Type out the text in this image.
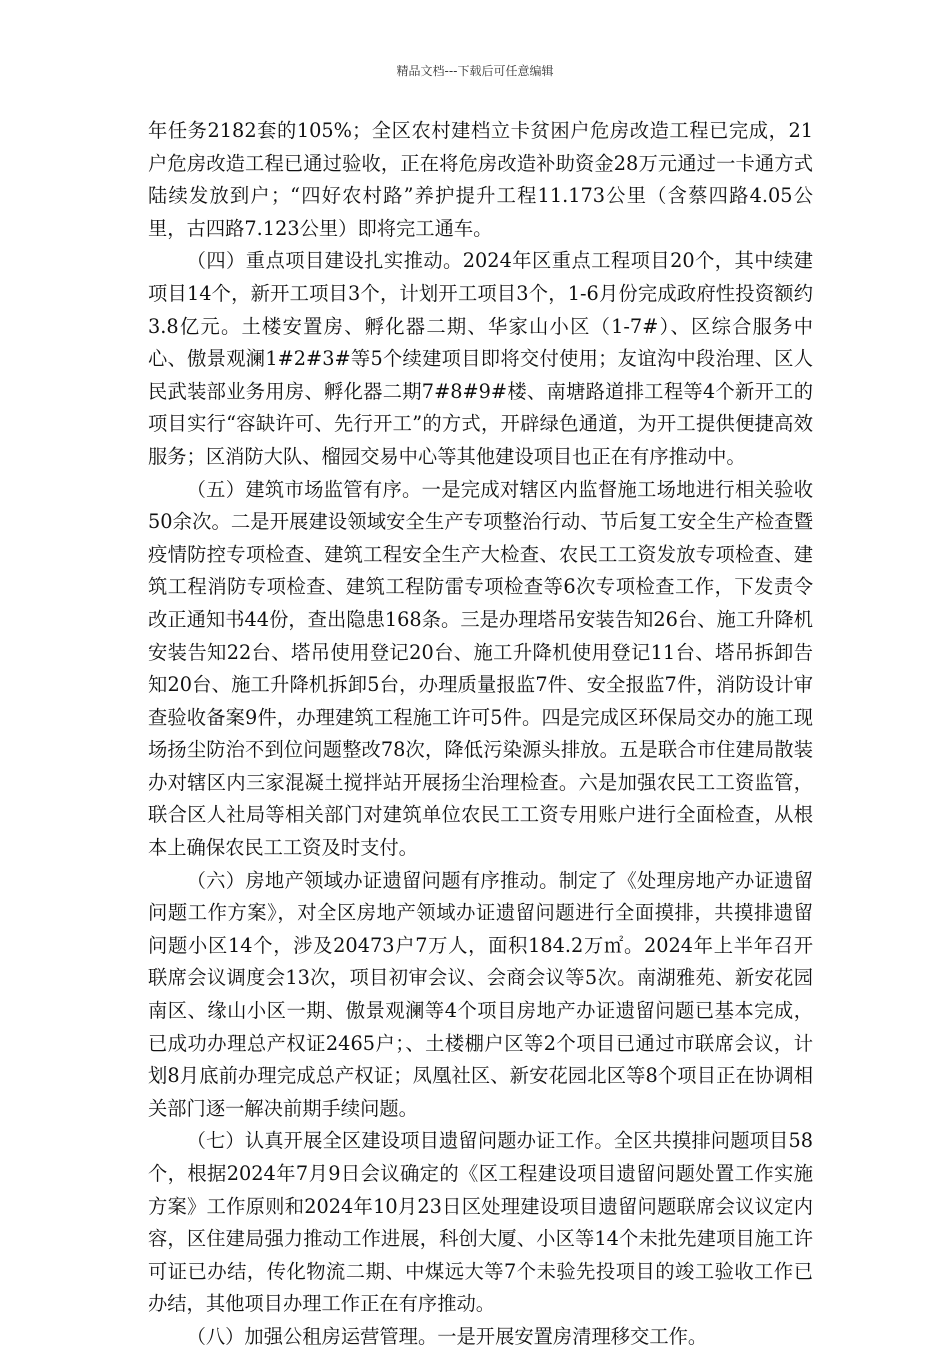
精品文档---下载后可任意编辑

年任务2182套的105%；全区农村建档立卡贫困户危房改造工程已完成，21户危房改造工程已通过验收，正在将危房改造补助资金28万元通过一卡通方式陆续发放到户；“四好农村路”养护提升工程11.173公里（含蔡四路4.05公里，古四路7.123公里）即将完工通车。

（四）重点项目建设扎实推动。2024年区重点工程项目20个，其中续建项目14个，新开工项目3个，计划开工项目3个，1-6月份完成政府性投资额约3.8亿元。土楼安置房、孵化器二期、华家山小区（1-7#）、区综合服务中心、傲景观澜1#2#3#等5个续建项目即将交付使用；友谊沟中段治理、区人民武装部业务用房、孵化器二期7#8#9#楼、南塘路道排工程等4个新开工的项目实行“容缺许可、先行开工”的方式，开辟绿色通道，为开工提供便捷高效服务；区消防大队、榴园交易中心等其他建设项目也正在有序推动中。

（五）建筑市场监管有序。一是完成对辖区内监督施工场地进行相关验收50余次。二是开展建设领域安全生产专项整治行动、节后复工安全生产检查暨疫情防控专项检查、建筑工程安全生产大检查、农民工工资发放专项检查、建筑工程消防专项检查、建筑工程防雷专项检查等6次专项检查工作，下发责令改正通知书44份，查出隐患168条。三是办理塔吊安装告知26台、施工升降机安装告知22台、塔吊使用登记20台、施工升降机使用登记11台、塔吊拆卸告知20台、施工升降机拆卸5台，办理质量报监7件、安全报监7件，消防设计审查验收备案9件，办理建筑工程施工许可5件。四是完成区环保局交办的施工现场扬尘防治不到位问题整改78次，降低污染源头排放。五是联合市住建局散装办对辖区内三家混凝土搅拌站开展扬尘治理检查。六是加强农民工工资监管，联合区人社局等相关部门对建筑单位农民工工资专用账户进行全面检查，从根本上确保农民工工资及时支付。

（六）房地产领域办证遗留问题有序推动。制定了《处理房地产办证遗留问题工作方案》，对全区房地产领域办证遗留问题进行全面摸排，共摸排遗留问题小区14个，涉及20473户7万人，面积184.2万㎡。2024年上半年召开联席会议调度会13次，项目初审会议、会商会议等5次。南湖雅苑、新安花园南区、缘山小区一期、傲景观澜等4个项目房地产办证遗留问题已基本完成，已成功办理总产权证2465户；、土楼棚户区等2个项目已通过市联席会议，计划8月底前办理完成总产权证；凤凰社区、新安花园北区等8个项目正在协调相关部门逐一解决前期手续问题。

（七）认真开展全区建设项目遗留问题办证工作。全区共摸排问题项目58个，根据2024年7月9日会议确定的《区工程建设项目遗留问题处置工作实施方案》工作原则和2024年10月23日区处理建设项目遗留问题联席会议议定内容，区住建局强力推动工作进展，科创大厦、小区等14个未批先建项目施工许可证已办结，传化物流二期、中煤远大等7个未验先投项目的竣工验收工作已办结，其他项目办理工作正在有序推动。

（八）加强公租房运营管理。一是开展安置房清理移交工作。
